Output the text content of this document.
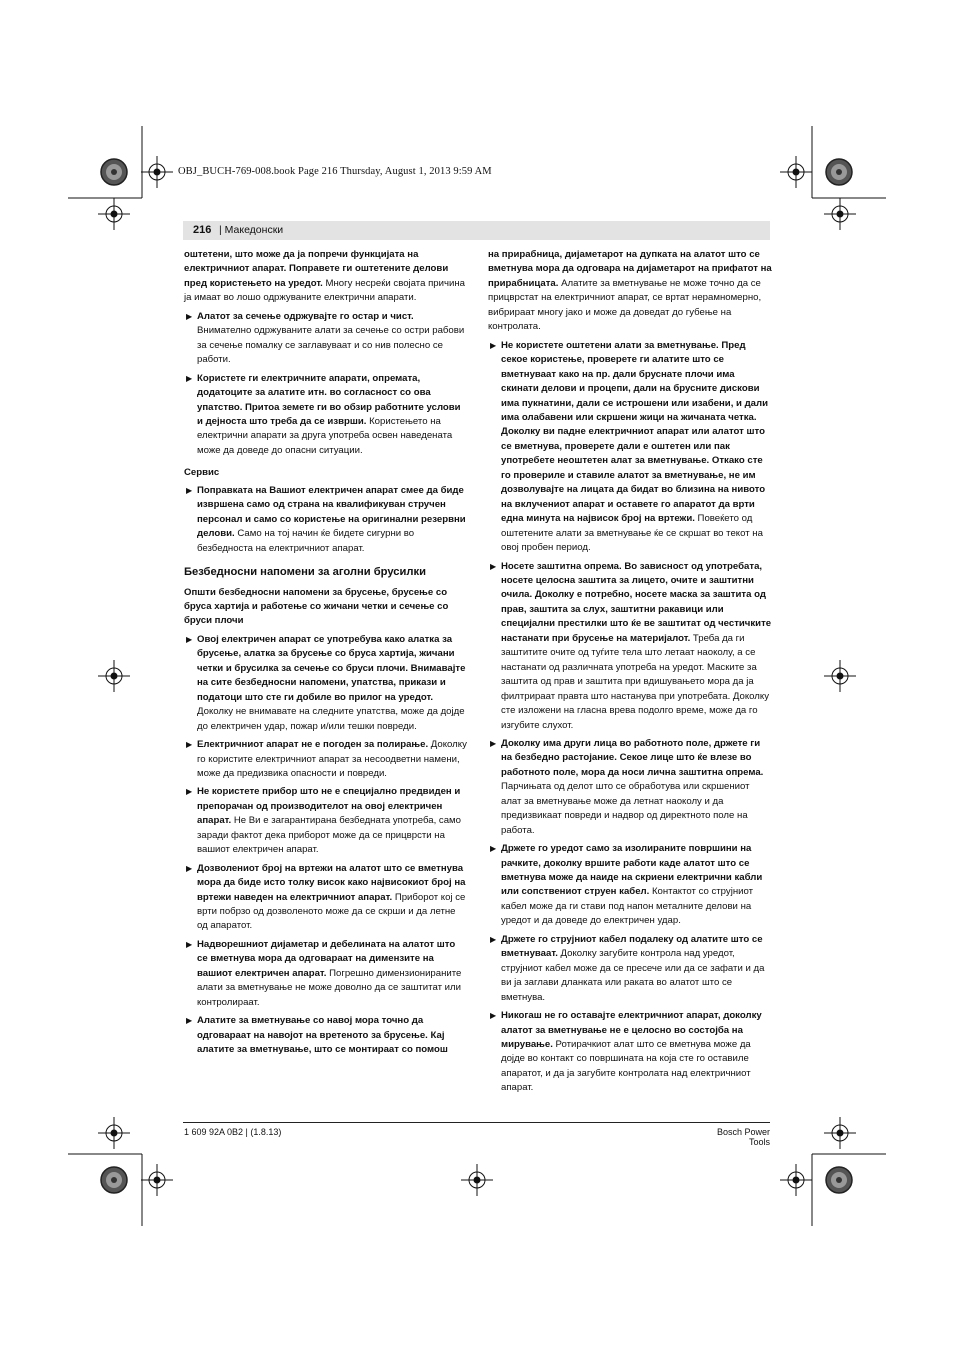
OBJ_BUCH-769-008.book Page 216 Thursday, August 1, 2013 9:59 AM
216 | Македонски

оштетени, што може да ја попречи функцијата на електричниот апарат. Поправете ги оштетените делови пред користењето на уредот. Многу несреќи својата причина ја имаат во лошо одржуваните електрични апарати.

▶ Алатот за сечење одржувајте го остар и чист. Внимателно одржуваните алати за сечење со остри рабови за сечење помалку се заглавуваат и со нив полесно се работи.

▶ Користете ги електричните апарати, опремата, додатоците за алатите итн. во согласност со ова упатство. Притоа земете ги во обзир работните услови и дејноста што треба да се изврши. Користењето на електрични апарати за друга употреба освен наведената може да доведе до опасни ситуации.

Сервис

▶ Поправката на Вашиот електричен апарат смее да биде извршена само од страна на квалификуван стручен персонал и само со користење на оригинални резервни делови. Само на тој начин ќе бидете сигурни во безбедноста на електричниот апарат.

Безбедносни напомени за аголни брусилки

Општи безбедносни напомени за брусење, брусење со бруса хартија и работење со жичани четки и сечење со бруси плочи

▶ Овој електричен апарат се употребува како алатка за брусење, алатка за брусење со бруса хартија, жичани четки и брусилка за сечење со бруси плочи. Внимавајте на сите безбедносни напомени, упатства, прикази и податоци што сте ги добиле во прилог на уредот. Доколку не внимавате на следните упатства, може да дојде до електричен удар, пожар и/или тешки повреди.

▶ Електричниот апарат не е погоден за полирање. Доколку го користите електричниот апарат за несоодветни намени, може да предизвика опасности и повреди.

▶ Не користете прибор што не е специјално предвиден и препорачан од производителот на овој електричен апарат. Не Ви е загарантирана безбедната употреба, само заради фактот дека приборот може да се прицврсти на вашиот електричен апарат.

▶ Дозволениот број на вртежи на алатот што се вметнува мора да биде исто толку висок како највисокиот број на вртежи наведен на електричниот апарат. Приборот кој се врти побрзо од дозволеното може да се скрши и да летне од апаратот.

▶ Надворешниот дијаметар и дебелината на алатот што се вметнува мора да одговараат на димензите на вашиот електричен апарат. Погрешно димензионираните алати за вметнување не може доволно да се заштитат или контролираат.

▶ Алатите за вметнување со навој мора точно да одговараат на навојот на вретеното за брусење. Кај алатите за вметнување, што се монтираат со помош

на прирабница, дијаметарот на дупката на алатот што се вметнува мора да одговара на дијаметарот на прифатот на прирабницата. Алатите за вметнување не може точно да се прицврстат на електричниот апарат, се вртат нерамномерно, вибрираат многу јако и може да доведат до губење на контролата.

▶ Не користете оштетени алати за вметнување. Пред секое користење, проверете ги алатите што се вметнуваат како на пр. дали бруснате плочи има скинати делови и процепи, дали на брусните дискови има пукнатини, дали се истрошени или изабени, и дали има олабавени или скршени жици на жичаната четка. Доколку ви падне електричниот апарат или алатот што се вметнува, проверете дали е оштетен или пак употребете неоштетен алат за вметнување. Откако сте го провериле и ставиле алатот за вметнување, не им дозволувајте на лицата да бидат во близина на нивото на вклучениот апарат и оставете го апаратот да врти една минута на највисок број на вртежи. Повеќето од оштетените алати за вметнување ќе се скршат во текот на овој пробен период.

▶ Носете заштитна опрема. Во зависност од употребата, носете целосна заштита за лицето, очите и заштитни очила. Доколку е потребно, носете маска за заштита од прав, заштита за слух, заштитни ракавици или специјални престилки што ќе ве заштитат од честичките настанати при брусење на материјалот. Треба да ги заштитите очите од туѓите тела што летаат наоколу, а се настанати од различната употреба на уредот. Маските за заштита од прав и заштита при вдишувањето мора да ја филтрираат правта што настанува при употребата. Доколку сте изложени на гласна врева подолго време, може да го изгубите слухот.

▶ Доколку има други лица во работното поле, држете ги на безбедно растојание. Секое лице што ќе влезе во работното поле, мора да носи лична заштитна опрема. Парчињата од делот што се обработува или скршениот алат за вметнување може да летнат наоколу и да предизвикаат повреди и надвор од директното поле на работа.

▶ Држете го уредот само за изолираните површини на рачките, доколку вршите работи каде алатот што се вметнува може да наиде на скриени електрични кабли или сопствениот струен кабел. Контактот со струјниот кабел може да ги стави под напон металните делови на уредот и да доведе до електричен удар.

▶ Држете го струјниот кабел подалеку од алатите што се вметнуваат. Доколку загубите контрола над уредот, струјниот кабел може да се пресече или да се зафати и да ви ја заглави дланката или раката во алатот што се вметнува.

▶ Никогаш не го оставајте електричниот апарат, доколку алатот за вметнување не е целосно во состојба на мирување. Ротирачкиот алат што се вметнува може да дојде во контакт со површината на која сте го оставиле апаратот, и да ја загубите контролата над електричниот апарат.

1 609 92A 0B2 | (1.8.13)	Bosch Power Tools
